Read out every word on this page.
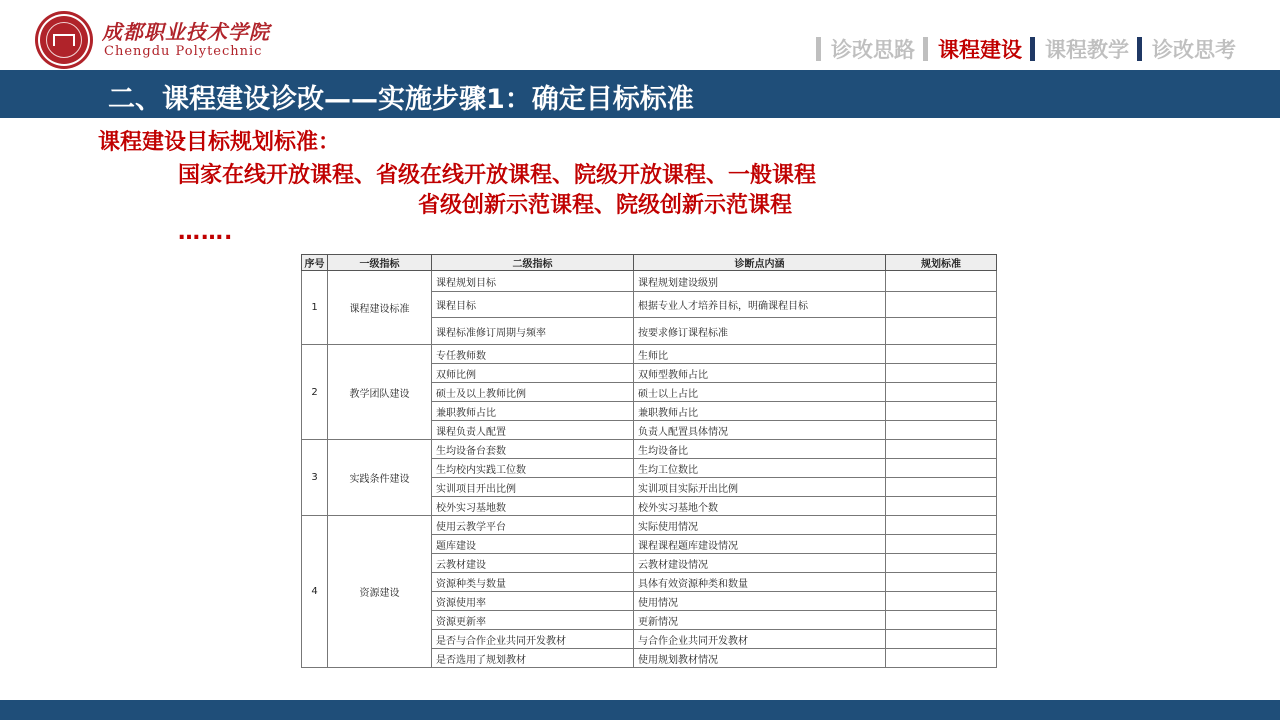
成都职业技术学院
Chengdu Polytechnic	诊改思路 课程建设 课程教学 诊改思考
二、课程建设诊改——实施步骤1：确定目标标准
课程建设目标规划标准：
国家在线开放课程、省级在线开放课程、院级开放课程、一般课程
省级创新示范课程、院级创新示范课程
…….
序号	一级指标	二级指标	诊断点内涵	规划标准
1	课程建设标准	课程规划目标	课程规划建设级别	
		课程目标	根据专业人才培养目标，明确课程目标	
		课程标准修订周期与频率	按要求修订课程标准	
2	教学团队建设	专任教师数	生师比	
		双师比例	双师型教师占比	
		硕士及以上教师比例	硕士以上占比	
		兼职教师占比	兼职教师占比	
		课程负责人配置	负责人配置具体情况	
3	实践条件建设	生均设备台套数	生均设备比	
		生均校内实践工位数	生均工位数比	
		实训项目开出比例	实训项目实际开出比例	
		校外实习基地数	校外实习基地个数	
4	资源建设	使用云教学平台	实际使用情况	
		题库建设	课程课程题库建设情况	
		云教材建设	云教材建设情况	
		资源种类与数量	具体有效资源种类和数量	
		资源使用率	使用情况	
		资源更新率	更新情况	
		是否与合作企业共同开发教材	与合作企业共同开发教材	
		是否选用了规划教材	使用规划教材情况	
